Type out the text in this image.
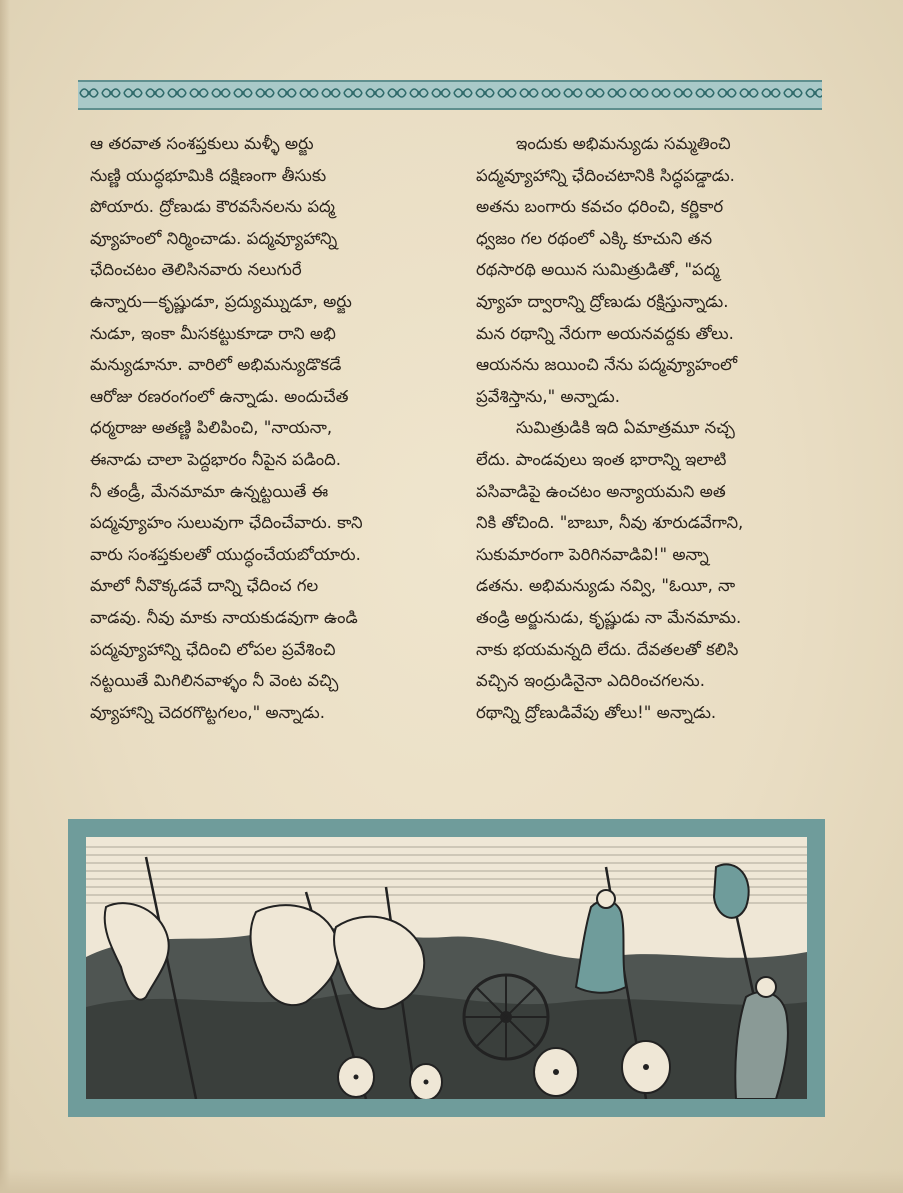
ఆ తరవాత సంశప్తకులు మళ్ళీ అర్జు
నుణ్ణి యుద్ధభూమికి దక్షిణంగా తీసుకు
పోయారు. ద్రోణుడు కౌరవసేనలను పద్మ
వ్యూహంలో నిర్మించాడు. పద్మవ్యూహాన్ని
ఛేదించటం తెలిసినవారు నలుగురే
ఉన్నారు—కృష్ణుడూ, ప్రద్యుమ్నుడూ, అర్జు
నుడూ, ఇంకా మీసకట్టుకూడా రాని అభి
మన్యుడూనూ. వారిలో అభిమన్యుడొకడే
ఆరోజు రణరంగంలో ఉన్నాడు. అందుచేత
ధర్మరాజు అతణ్ణి పిలిపించి, "నాయనా,
ఈనాడు చాలా పెద్దభారం నీపైన పడింది.
నీ తండ్రీ, మేనమామా ఉన్నట్టయితే ఈ
పద్మవ్యూహం సులువుగా ఛేదించేవారు. కాని
వారు సంశప్తకులతో యుద్ధంచేయబోయారు.
మాలో నీవొక్కడవే దాన్ని ఛేదించ గల
వాడవు. నీవు మాకు నాయకుడవుగా ఉండి
పద్మవ్యూహాన్ని ఛేదించి లోపల ప్రవేశించి
నట్టయితే మిగిలినవాళ్ళం నీ వెంట వచ్చి
వ్యూహాన్ని చెదరగొట్టగలం," అన్నాడు.
ఇందుకు అభిమన్యుడు సమ్మతించి
పద్మవ్యూహాన్ని ఛేదించటానికి సిద్ధపడ్డాడు.
అతను బంగారు కవచం ధరించి, కర్ణికార
ధ్వజం గల రథంలో ఎక్కి కూచుని తన
రథసారథి అయిన సుమిత్రుడితో, "పద్మ
వ్యూహ ద్వారాన్ని ద్రోణుడు రక్షిస్తున్నాడు.
మన రథాన్ని నేరుగా అయనవద్దకు తోలు.
ఆయనను జయించి నేను పద్మవ్యూహంలో
ప్రవేశిస్తాను," అన్నాడు.
సుమిత్రుడికి ఇది ఏమాత్రమూ నచ్చ
లేదు. పాండవులు ఇంత భారాన్ని ఇలాటి
పసివాడిపై ఉంచటం అన్యాయమని అత
నికి తోచింది. "బాబూ, నీవు శూరుడవేగాని,
సుకుమారంగా పెరిగినవాడివి!" అన్నా
డతను. అభిమన్యుడు నవ్వి, "ఓయీ, నా
తండ్రి అర్జునుడు, కృష్ణుడు నా మేనమామ.
నాకు భయమన్నది లేదు. దేవతలతో కలిసి
వచ్చిన ఇంద్రుడినైనా ఎదిరించగలను.
రథాన్ని ద్రోణుడివేపు తోలు!" అన్నాడు.
